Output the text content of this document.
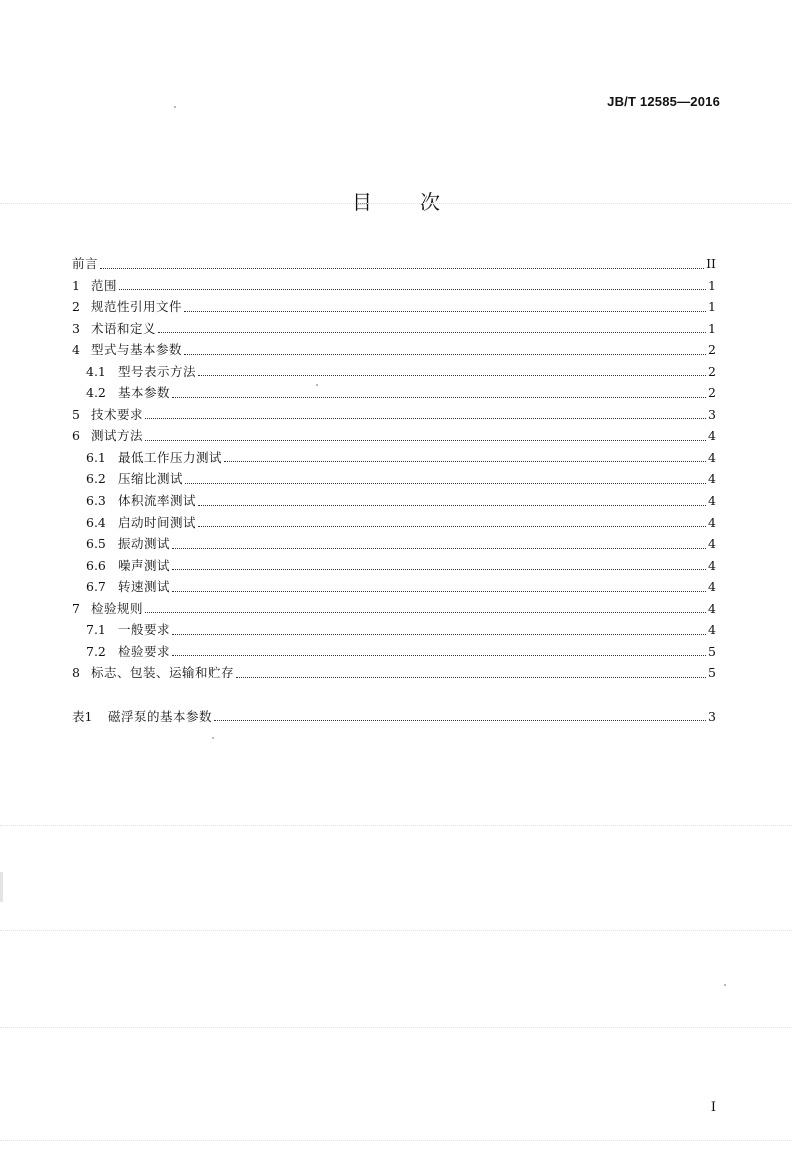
JB/T 12585—2016
目次
前言	II
1 范围	1
2 规范性引用文件	1
3 术语和定义	1
4 型式与基本参数	2
4.1 型号表示方法	2
4.2 基本参数	2
5 技术要求	3
6 测试方法	4
6.1 最低工作压力测试	4
6.2 压缩比测试	4
6.3 体积流率测试	4
6.4 启动时间测试	4
6.5 振动测试	4
6.6 噪声测试	4
6.7 转速测试	4
7 检验规则	4
7.1 一般要求	4
7.2 检验要求	5
8 标志、包装、运输和贮存	5
表1	磁浮泵的基本参数	3
I
